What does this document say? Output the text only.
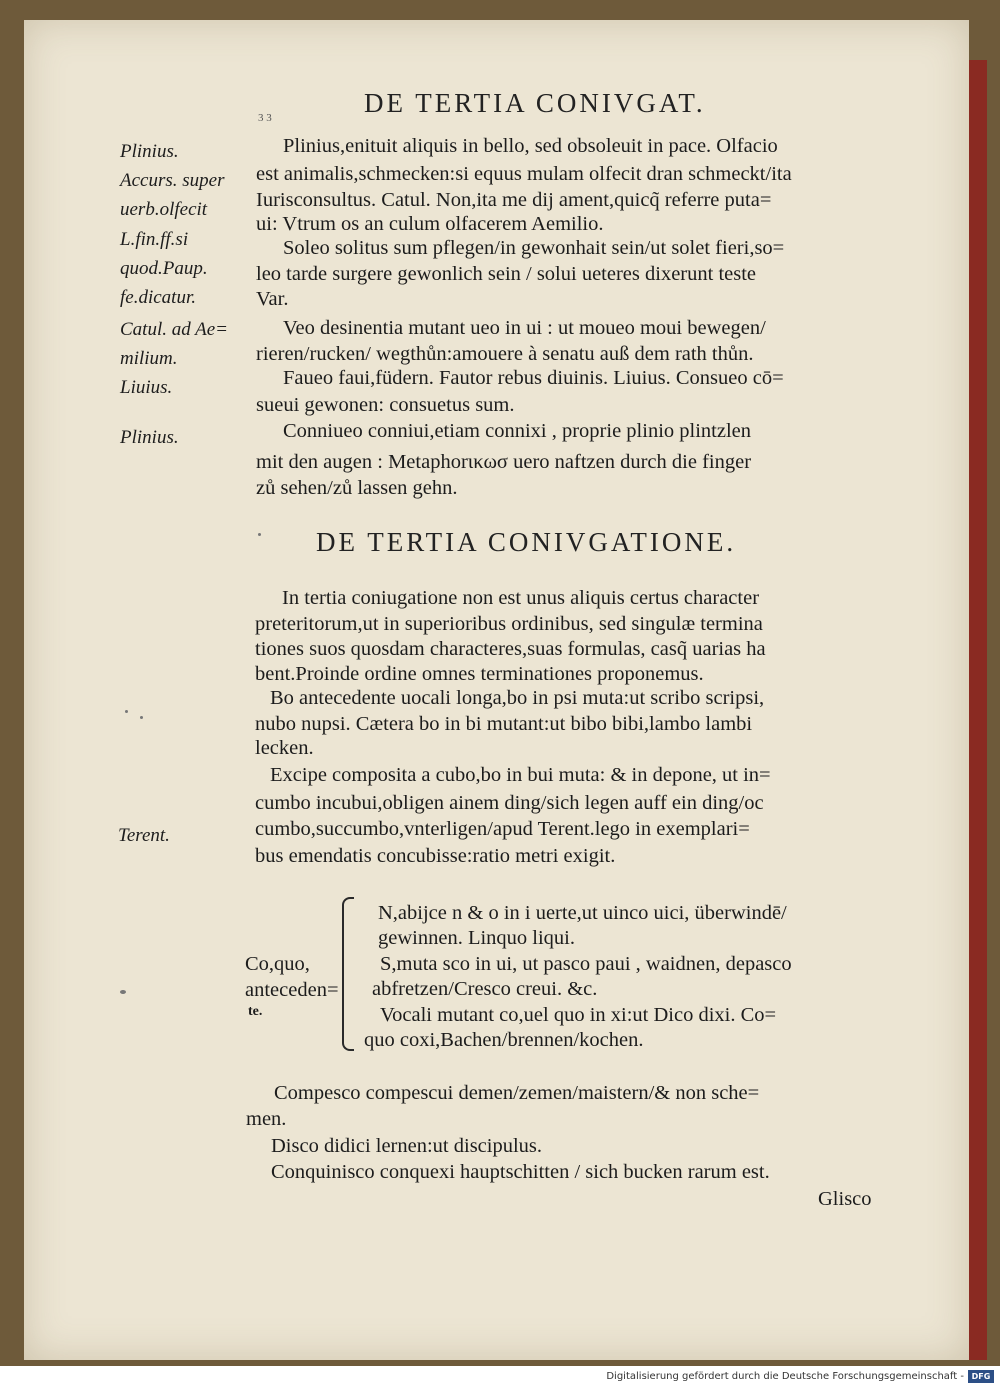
3 3	DE TERTIA CONIVGAT.
Plinius.
Accurs. super
uerb.olfecit
L.fin.ff.si
quod.Paup.
fe.dicatur.
Catul. ad Ae=
milium.
Liuius.
Plinius.
Terent.
Plinius,enituit aliquis in bello, sed obsoleuit in pace. Olfacio
est animalis,schmecken:si equus mulam olfecit dran schmeckt/ita
Iurisconsultus. Catul. Non,ita me dij ament,quicq̃ referre puta=
ui: Vtrum os an culum olfacerem Aemilio.
Soleo solitus sum pflegen/in gewonhait sein/ut solet fieri,so=
leo tarde surgere gewonlich sein / solui ueteres dixerunt teste
Var.
Veo desinentia mutant ueo in ui : ut moueo moui bewegen/
rieren/rucken/ wegthůn:amouere à senatu auß dem rath thůn.
Faueo faui,füdern. Fautor rebus diuinis. Liuius. Consueo cō=
sueui gewonen: consuetus sum.
Conniueo conniui,etiam connixi , proprie plinio plintzlen
mit den augen : Metaphorικωσ uero naftzen durch die finger
zů sehen/zů lassen gehn.
DE TERTIA CONIVGATIONE.
In tertia coniugatione non est unus aliquis certus character
preteritorum,ut in superioribus ordinibus, sed singulæ termina
tiones suos quosdam characteres,suas formulas, casq̃ uarias ha
bent.Proinde ordine omnes terminationes proponemus.
Bo antecedente uocali longa,bo in psi muta:ut scribo scripsi,
nubo nupsi. Cætera bo in bi mutant:ut bibo bibi,lambo lambi
lecken.
Excipe composita a cubo,bo in bui muta: & in depone, ut in=
cumbo incubui,obligen ainem ding/sich legen auff ein ding/oc
cumbo,succumbo,vnterligen/apud Terent.lego in exemplari=
bus emendatis concubisse:ratio metri exigit.
Co,quo,
anteceden=
te.
N,abijce n & o in i uerte,ut uinco uici, überwindē/
gewinnen. Linquo liqui.
S,muta sco in ui, ut pasco paui , waidnen, depasco
abfretzen/Cresco creui. &c.
Vocali mutant co,uel quo in xi:ut Dico dixi. Co=
quo coxi,Bachen/brennen/kochen.
Compesco compescui demen/zemen/maistern/& non sche=
men.
Disco didici lernen:ut discipulus.
Conquinisco conquexi hauptschitten / sich bucken rarum est.
Glisco
Digitalisierung gefördert durch die Deutsche Forschungsgemeinschaft - DFG
